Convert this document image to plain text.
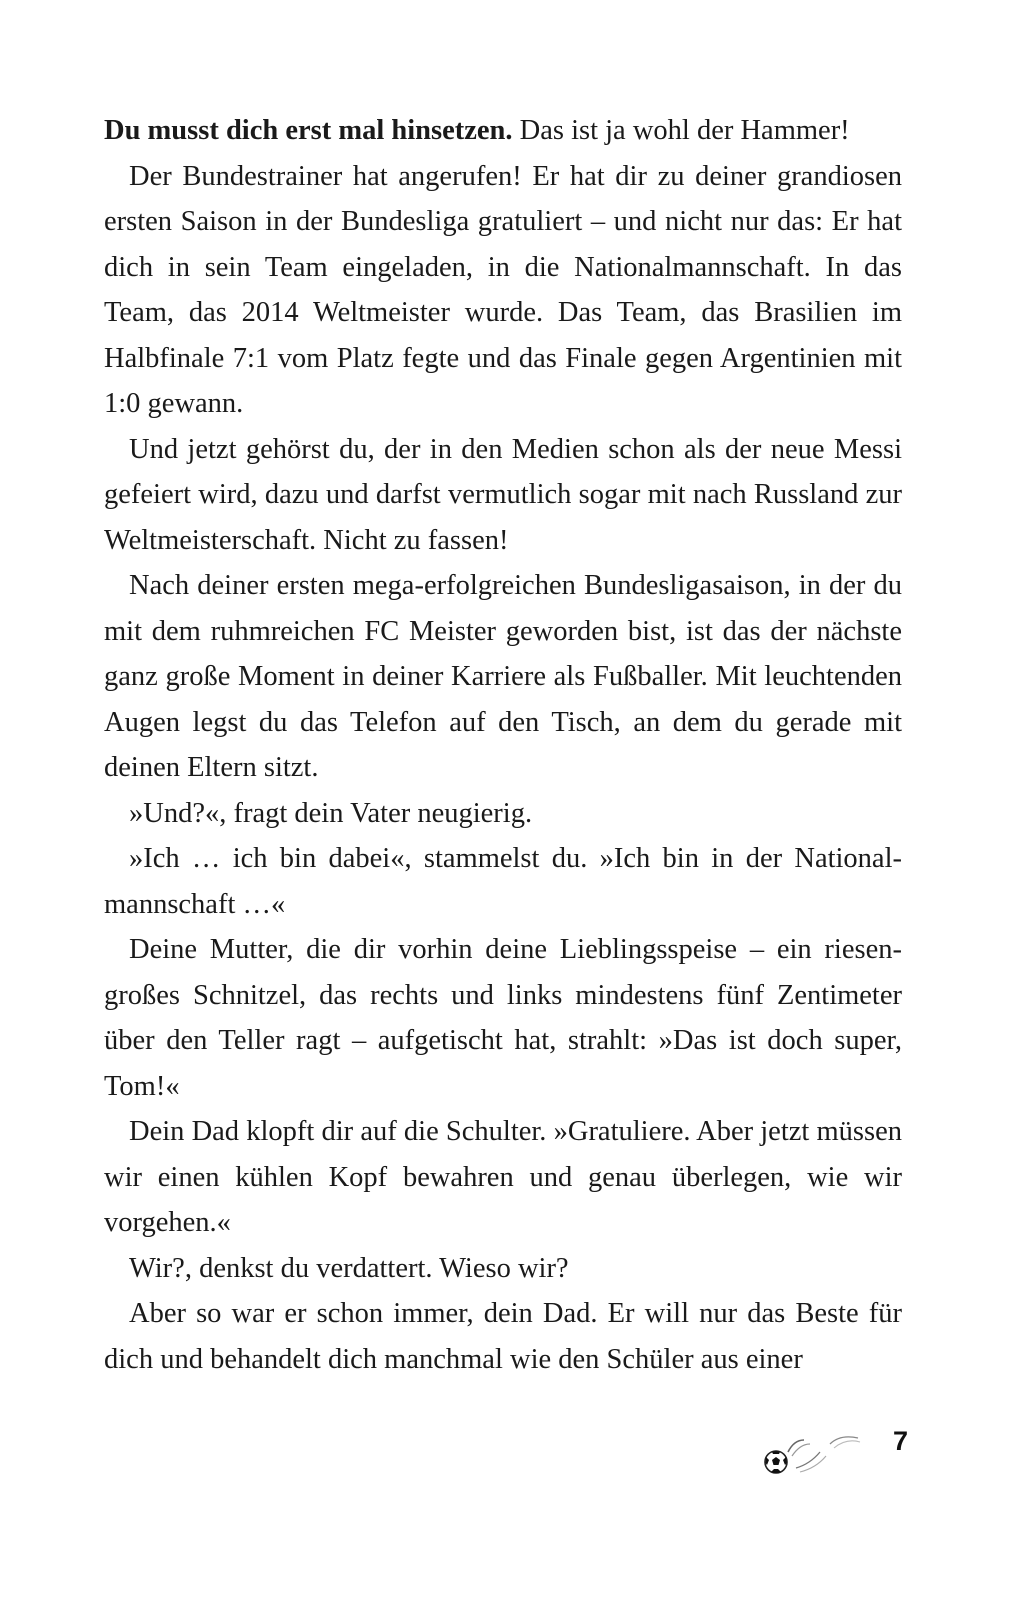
Du musst dich erst mal hinsetzen. Das ist ja wohl der Hammer!

Der Bundestrainer hat angerufen! Er hat dir zu deiner grandiosen ersten Saison in der Bundesliga gratuliert – und nicht nur das: Er hat dich in sein Team eingeladen, in die Nationalmannschaft. In das Team, das 2014 Weltmeister wurde. Das Team, das Brasilien im Halbfinale 7:1 vom Platz fegte und das Finale gegen Argentinien mit 1:0 gewann.

Und jetzt gehörst du, der in den Medien schon als der neue Messi gefeiert wird, dazu und darfst vermutlich sogar mit nach Russland zur Weltmeisterschaft. Nicht zu fassen!

Nach deiner ersten mega-erfolgreichen Bundesligasaison, in der du mit dem ruhmreichen FC Meister geworden bist, ist das der nächste ganz große Moment in deiner Karriere als Fußballer. Mit leuchtenden Augen legst du das Telefon auf den Tisch, an dem du gerade mit deinen Eltern sitzt.

»Und?«, fragt dein Vater neugierig.

»Ich … ich bin dabei«, stammelst du. »Ich bin in der Nationalmannschaft …«

Deine Mutter, die dir vorhin deine Lieblingsspeise – ein riesengroßes Schnitzel, das rechts und links mindestens fünf Zentimeter über den Teller ragt – aufgetischt hat, strahlt: »Das ist doch super, Tom!«

Dein Dad klopft dir auf die Schulter. »Gratuliere. Aber jetzt müssen wir einen kühlen Kopf bewahren und genau überlegen, wie wir vorgehen.«

Wir?, denkst du verdattert. Wieso wir?

Aber so war er schon immer, dein Dad. Er will nur das Beste für dich und behandelt dich manchmal wie den Schüler aus einer

7
